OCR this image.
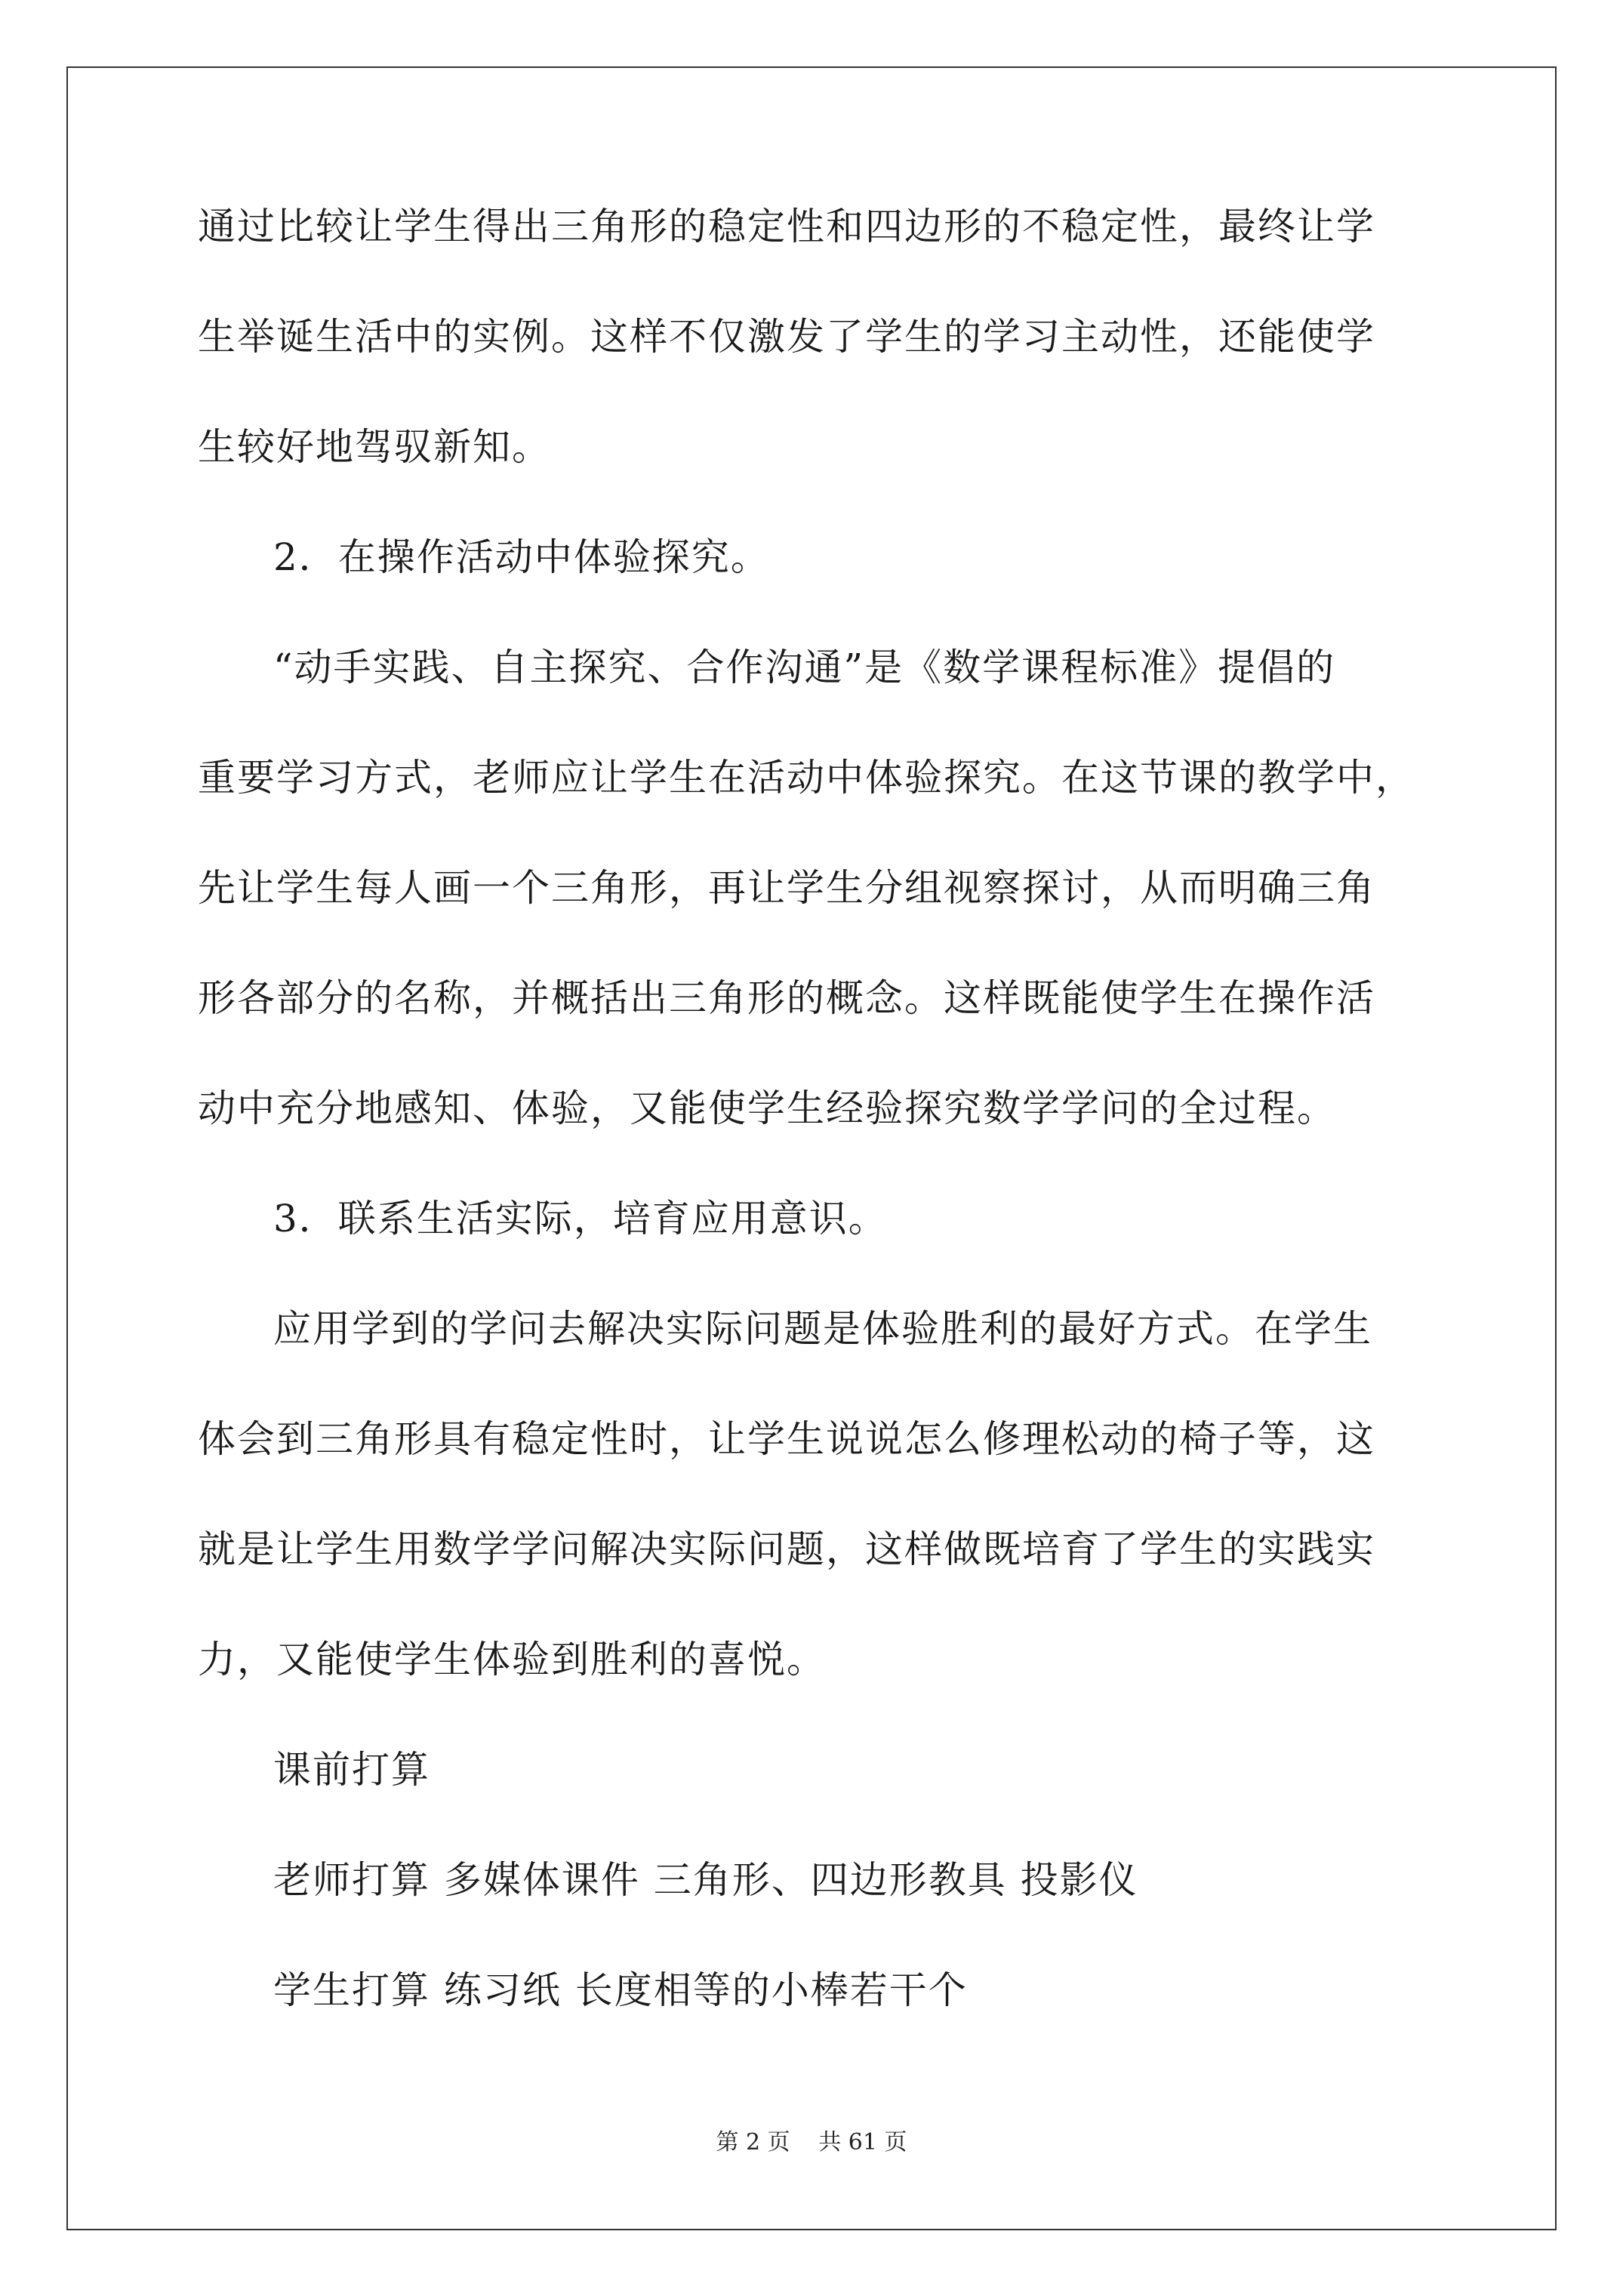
通过比较让学生得出三角形的稳定性和四边形的不稳定性，最终让学
生举诞生活中的实例。这样不仅激发了学生的学习主动性，还能使学
生较好地驾驭新知。
2．在操作活动中体验探究。
“动手实践、自主探究、合作沟通”是《数学课程标准》提倡的
重要学习方式，老师应让学生在活动中体验探究。在这节课的教学中，
先让学生每人画一个三角形，再让学生分组视察探讨，从而明确三角
形各部分的名称，并概括出三角形的概念。这样既能使学生在操作活
动中充分地感知、体验，又能使学生经验探究数学学问的全过程。
3．联系生活实际，培育应用意识。
应用学到的学问去解决实际问题是体验胜利的最好方式。在学生
体会到三角形具有稳定性时，让学生说说怎么修理松动的椅子等，这
就是让学生用数学学问解决实际问题，这样做既培育了学生的实践实
力，又能使学生体验到胜利的喜悦。
课前打算
老师打算 多媒体课件 三角形、四边形教具 投影仪
学生打算 练习纸 长度相等的小棒若干个
第 2 页 共 61 页
